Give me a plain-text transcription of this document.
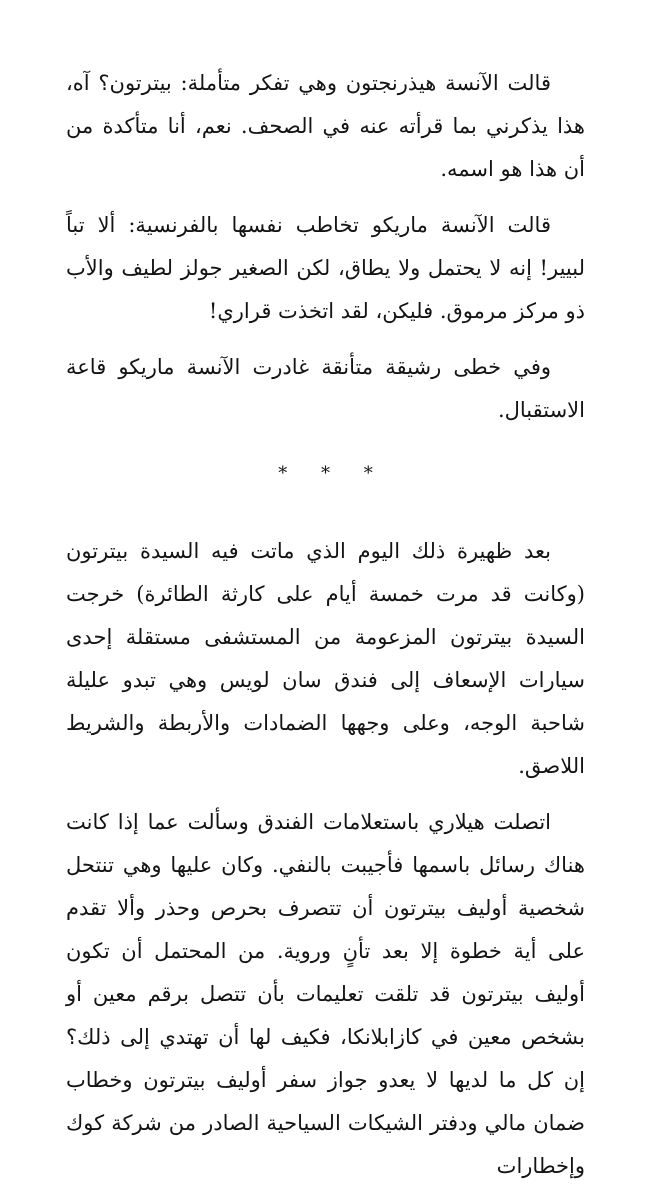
قالت الآنسة هيذرنجتون وهي تفكر متأملة: بيترتون؟ آه، هذا يذكرني بما قرأته عنه في الصحف. نعم، أنا متأكدة من أن هذا هو اسمه.

قالت الآنسة ماريكو تخاطب نفسها بالفرنسية: ألا تباً لبيير! إنه لا يحتمل ولا يطاق، لكن الصغير جولز لطيف والأب ذو مركز مرموق. فليكن، لقد اتخذت قراري!

وفي خطى رشيقة متأنقة غادرت الآنسة ماريكو قاعة الاستقبال.

* * *

بعد ظهيرة ذلك اليوم الذي ماتت فيه السيدة بيترتون (وكانت قد مرت خمسة أيام على كارثة الطائرة) خرجت السيدة بيترتون المزعومة من المستشفى مستقلة إحدى سيارات الإسعاف إلى فندق سان لويس وهي تبدو عليلة شاحبة الوجه، وعلى وجهها الضمادات والأربطة والشريط اللاصق.

اتصلت هيلاري باستعلامات الفندق وسألت عما إذا كانت هناك رسائل باسمها فأجيبت بالنفي. وكان عليها وهي تنتحل شخصية أوليف بيترتون أن تتصرف بحرص وحذر وألا تقدم على أية خطوة إلا بعد تأنٍ وروية. من المحتمل أن تكون أوليف بيترتون قد تلقت تعليمات بأن تتصل برقم معين أو بشخص معين في كازابلانكا، فكيف لها أن تهتدي إلى ذلك؟ إن كل ما لديها لا يعدو جواز سفر أوليف بيترتون وخطاب ضمان مالي ودفتر الشيكات السياحية الصادر من شركة كوك وإخطارات
